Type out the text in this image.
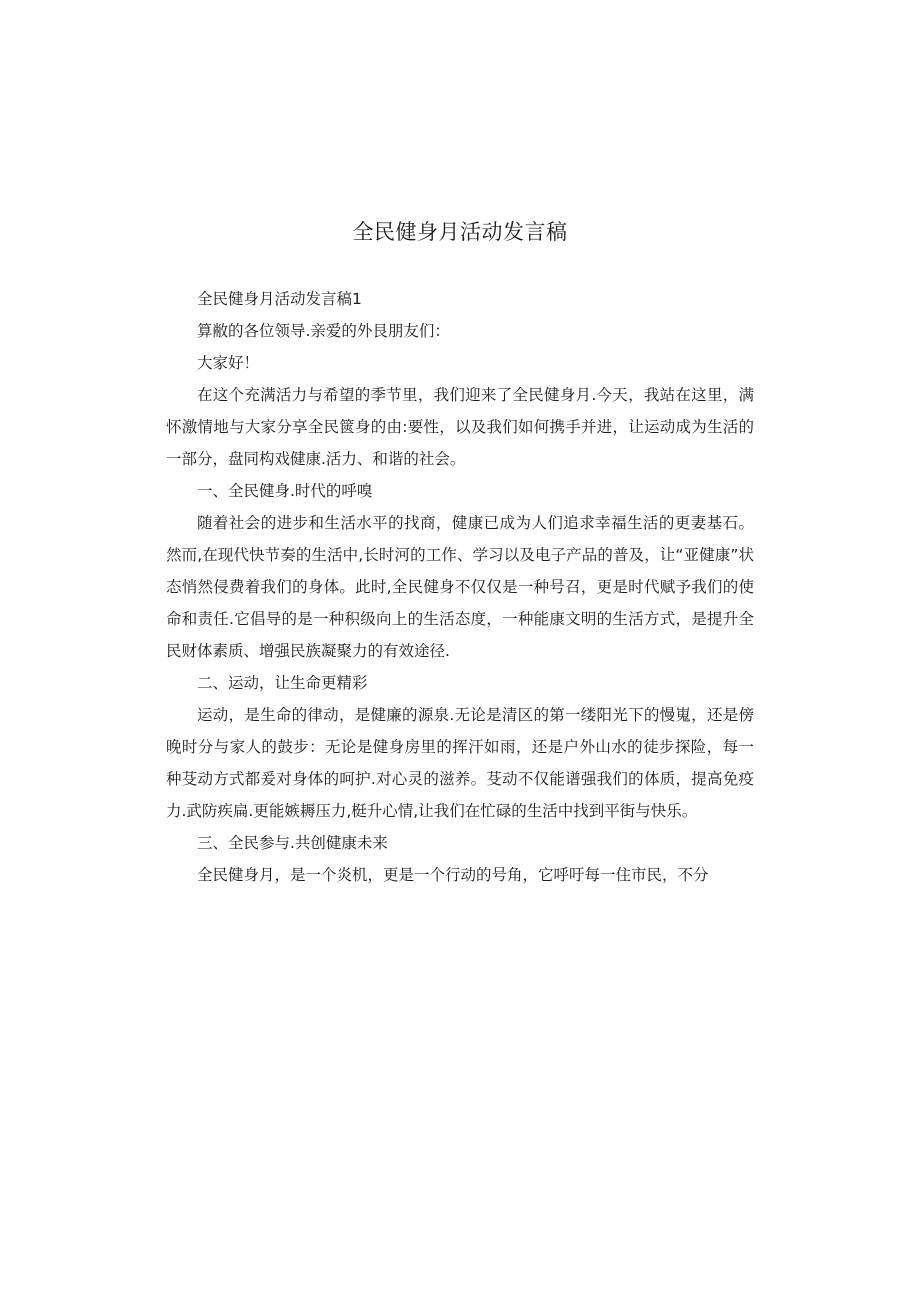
全民健身月活动发言稿

全民健身月活动发言稿1

算敝的各位领导.亲爱的外艮朋友们：

大家好！

在这个充满活力与希望的季节里，我们迎来了全民健身月.今天，我站在这里，满怀激情地与大家分享全民篋身的由:要性，以及我们如何携手并进，让运动成为生活的一部分，盘同构戏健康.活力、和谐的社会。

一、全民健身.时代的呼嗅

随着社会的进步和生活水平的找商，健康已成为人们追求幸福生活的更妻基石。然而,在现代快节奏的生活中,长时河的工作、学习以及电子产品的普及，让“亚健康”状态悄然侵费着我们的身体。此时,全民健身不仅仅是一种号召，更是时代赋予我们的使命和责任.它倡导的是一种积级向上的生活态度，一种能康文明的生活方式，是提升全民财体素质、增强民族凝聚力的有效途径.

二、运动，让生命更精彩

运动，是生命的律动，是健廉的源泉.无论是清区的第一缕阳光下的慢嵬，还是傍晚时分与家人的鼓步：无论是健身房里的挥汗如雨，还是户外山水的徒步探险，每一种芟动方式都爰对身体的呵护.对心灵的滋养。芟动不仅能谱强我们的体质，提高免疫力.武防疾扁.更能嫉耨压力,梃升心情,让我们在忙碌的生活中找到平街与快乐。

三、全民参与.共创健康未来

全民健身月，是一个炎机，更是一个行动的号角，它呼吁每一住市民，不分
